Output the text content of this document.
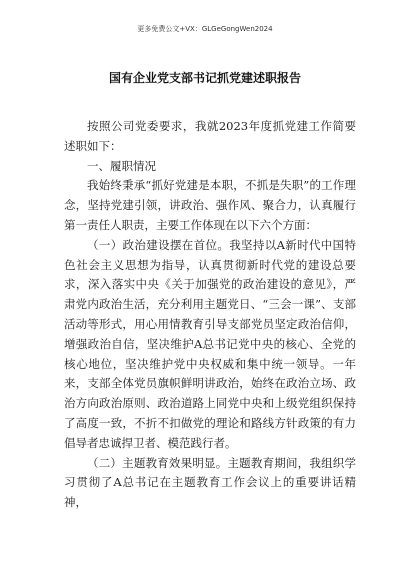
更多免费公文+VX：GLGeGongWen2024
国有企业党支部书记抓党建述职报告

按照公司党委要求，我就2023年度抓党建工作简要述职如下：

一、履职情况

我始终秉承“抓好党建是本职，不抓是失职”的工作理念，坚持党建引领，讲政治、强作风、聚合力，认真履行第一责任人职责，主要工作体现在以下六个方面：

（一）政治建设摆在首位。我坚持以A新时代中国特色社会主义思想为指导，认真贯彻新时代党的建设总要求，深入落实中央《关于加强党的政治建设的意见》，严肃党内政治生活，充分利用主题党日、“三会一课”、支部活动等形式，用心用情教育引导支部党员坚定政治信仰，增强政治自信，坚决维护A总书记党中央的核心、全党的核心地位，坚决维护党中央权威和集中统一领导。一年来，支部全体党员旗帜鲜明讲政治，始终在政治立场、政治方向政治原则、政治道路上同党中央和上级党组织保持了高度一致，不折不扣做党的理论和路线方针政策的有力倡导者忠诚捍卫者、模范践行者。

（二）主题教育效果明显。主题教育期间，我组织学习贯彻了A总书记在主题教育工作会议上的重要讲话精神，
